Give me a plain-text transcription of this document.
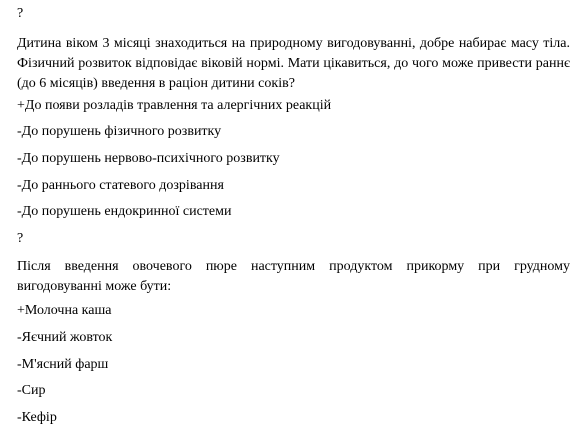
?
Дитина віком 3 місяці знаходиться на природному вигодовуванні, добре набирає масу тіла. Фізичний розвиток відповідає віковій нормі. Мати цікавиться, до чого може привести раннє (до 6 місяців) введення в раціон дитини соків?
+До появи розладів травлення та алергічних реакцій
-До порушень фізичного розвитку
-До порушень нервово-психічного розвитку
-До раннього статевого дозрівання
-До порушень ендокринної системи
?
Після введення овочевого пюре наступним продуктом прикорму при грудному вигодовуванні може бути:
+Молочна каша
-Яєчний жовток
-М'ясний фарш
-Сир
-Кефір
